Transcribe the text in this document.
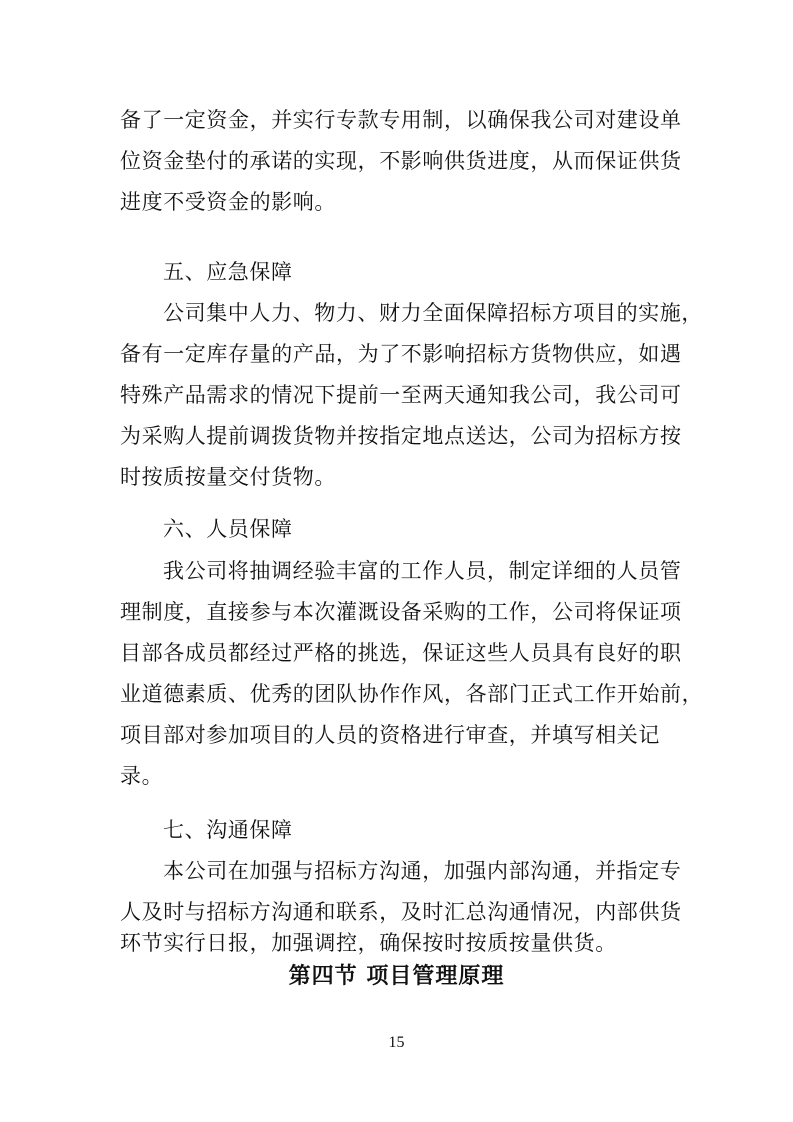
备了一定资金，并实行专款专用制，以确保我公司对建设单
位资金垫付的承诺的实现，不影响供货进度，从而保证供货
进度不受资金的影响。
五、应急保障
公司集中人力、物力、财力全面保障招标方项目的实施，
备有一定库存量的产品，为了不影响招标方货物供应，如遇
特殊产品需求的情况下提前一至两天通知我公司，我公司可
为采购人提前调拨货物并按指定地点送达，公司为招标方按
时按质按量交付货物。
六、人员保障
我公司将抽调经验丰富的工作人员，制定详细的人员管
理制度，直接参与本次灌溉设备采购的工作，公司将保证项
目部各成员都经过严格的挑选，保证这些人员具有良好的职
业道德素质、优秀的团队协作作风，各部门正式工作开始前，
项目部对参加项目的人员的资格进行审查，并填写相关记
录。
七、沟通保障
本公司在加强与招标方沟通，加强内部沟通，并指定专
人及时与招标方沟通和联系，及时汇总沟通情况，内部供货
环节实行日报，加强调控，确保按时按质按量供货。
第四节 项目管理原理
15
